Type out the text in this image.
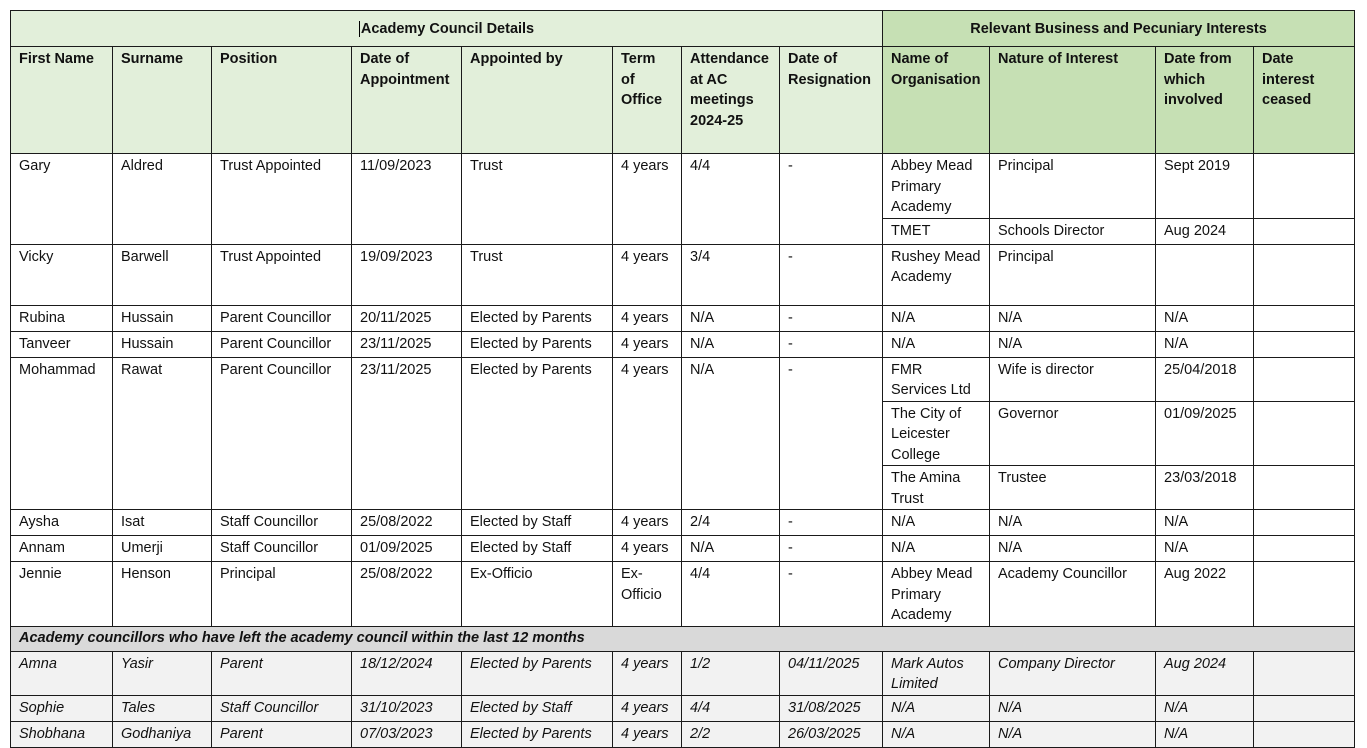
Academy Council Details								Relevant Business and Pecuniary Interests			
First Name	Surname	Position	Date of Appointment	Appointed by	Term of Office	Attendance at AC meetings 2024-25	Date of Resignation	Name of Organisation	Nature of Interest	Date from which involved	Date interest ceased
Gary	Aldred	Trust Appointed	11/09/2023	Trust	4 years	4/4	-	Abbey Mead Primary Academy	Principal	Sept 2019	
								TMET	Schools Director	Aug 2024	
Vicky	Barwell	Trust Appointed	19/09/2023	Trust	4 years	3/4	-	Rushey Mead Academy	Principal		
Rubina	Hussain	Parent Councillor	20/11/2025	Elected by Parents	4 years	N/A	-	N/A	N/A	N/A	
Tanveer	Hussain	Parent Councillor	23/11/2025	Elected by Parents	4 years	N/A	-	N/A	N/A	N/A	
Mohammad	Rawat	Parent Councillor	23/11/2025	Elected by Parents	4 years	N/A	-	FMR Services Ltd	Wife is director	25/04/2018	
								The City of Leicester College	Governor	01/09/2025	
								The Amina Trust	Trustee	23/03/2018	
Aysha	Isat	Staff Councillor	25/08/2022	Elected by Staff	4 years	2/4	-	N/A	N/A	N/A	
Annam	Umerji	Staff Councillor	01/09/2025	Elected by Staff	4 years	N/A	-	N/A	N/A	N/A	
Jennie	Henson	Principal	25/08/2022	Ex-Officio	Ex-Officio	4/4	-	Abbey Mead Primary Academy	Academy Councillor	Aug 2022	
Academy councillors who have left the academy council within the last 12 months											
Amna	Yasir	Parent	18/12/2024	Elected by Parents	4 years	1/2	04/11/2025	Mark Autos Limited	Company Director	Aug 2024	
Sophie	Tales	Staff Councillor	31/10/2023	Elected by Staff	4 years	4/4	31/08/2025	N/A	N/A	N/A	
Shobhana	Godhaniya	Parent	07/03/2023	Elected by Parents	4 years	2/2	26/03/2025	N/A	N/A	N/A	
